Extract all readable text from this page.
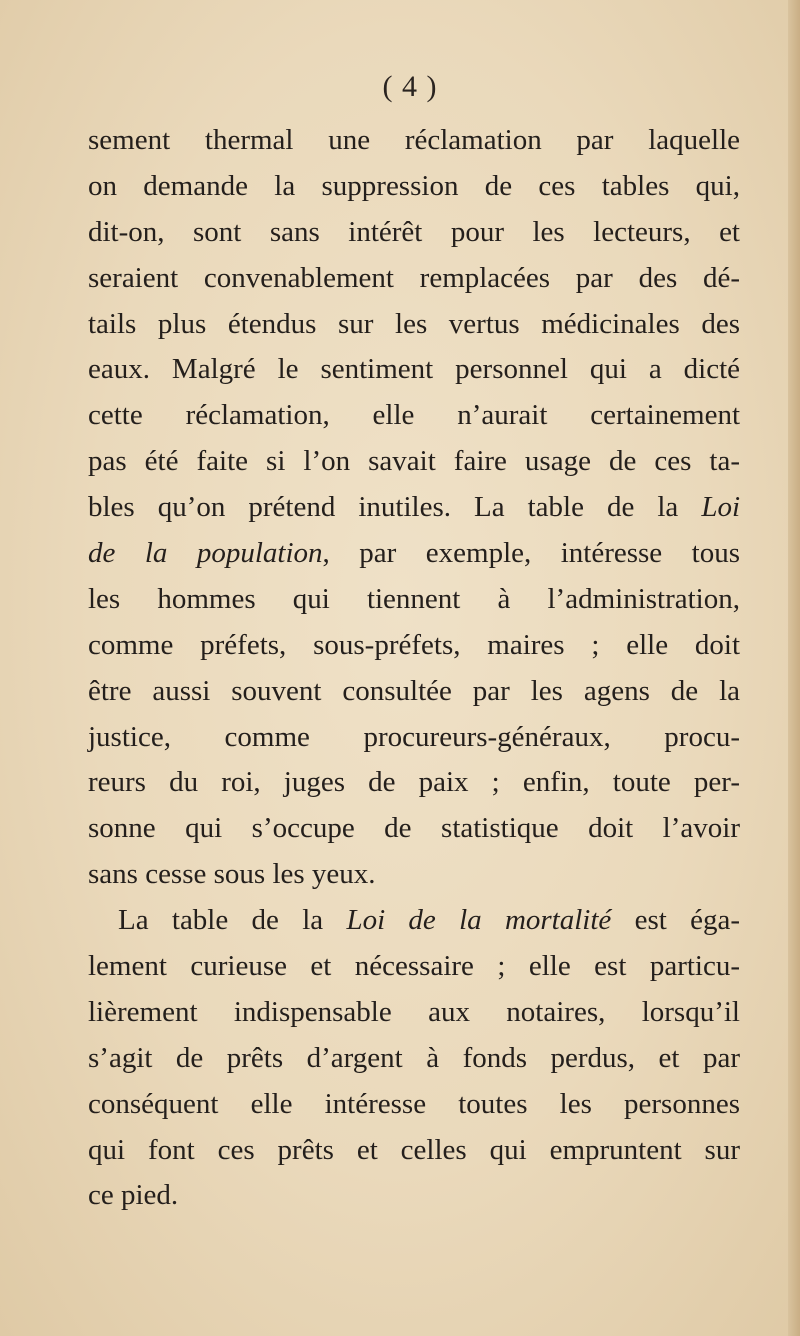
( 4 )
sement thermal une réclamation par laquelle
on demande la suppression de ces tables qui,
dit-on, sont sans intérêt pour les lecteurs, et
seraient convenablement remplacées par des dé-
tails plus étendus sur les vertus médicinales des
eaux. Malgré le sentiment personnel qui a dicté
cette réclamation, elle n’aurait certainement
pas été faite si l’on savait faire usage de ces ta-
bles qu’on prétend inutiles. La table de la Loi
de la population, par exemple, intéresse tous
les hommes qui tiennent à l’administration,
comme préfets, sous-préfets, maires ; elle doit
être aussi souvent consultée par les agens de la
justice, comme procureurs-généraux, procu-
reurs du roi, juges de paix ; enfin, toute per-
sonne qui s’occupe de statistique doit l’avoir
sans cesse sous les yeux.
La table de la Loi de la mortalité est éga-
lement curieuse et nécessaire ; elle est particu-
lièrement indispensable aux notaires, lorsqu’il
s’agit de prêts d’argent à fonds perdus, et par
conséquent elle intéresse toutes les personnes
qui font ces prêts et celles qui empruntent sur
ce pied.
